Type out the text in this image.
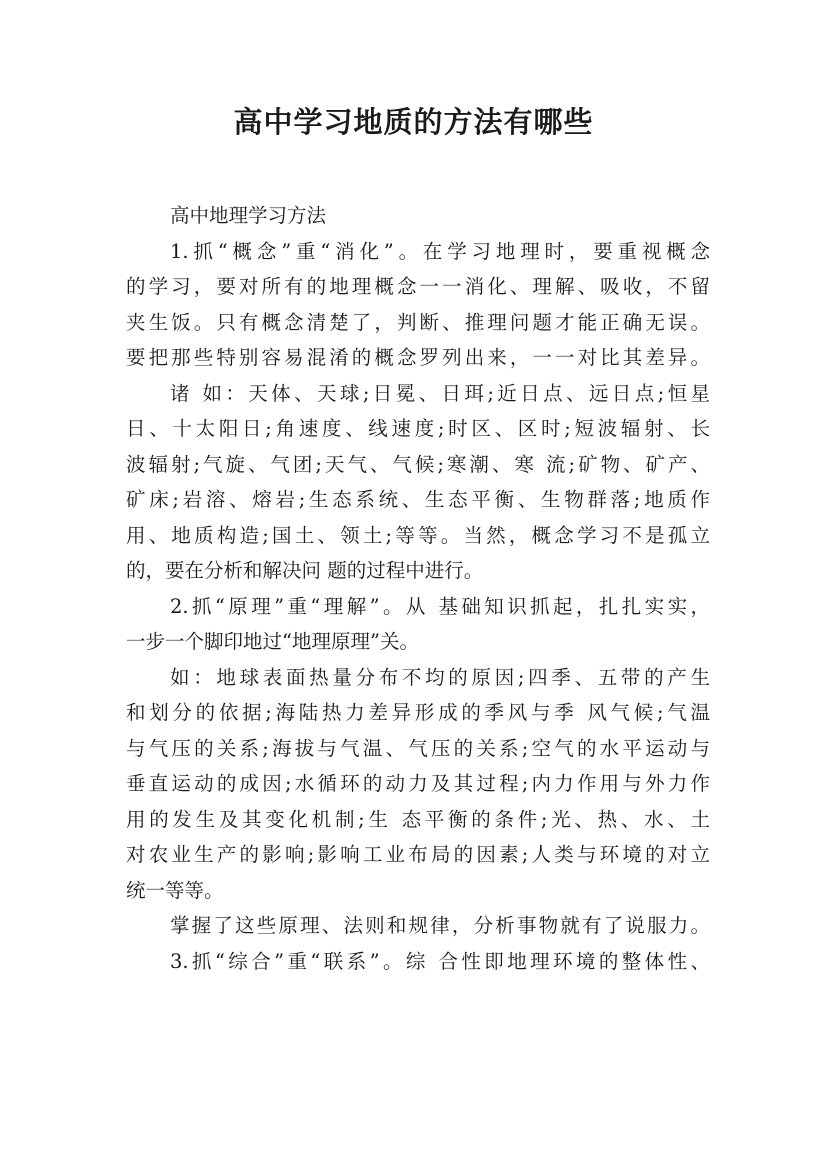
高中学习地质的方法有哪些

高中地理学习方法

1.抓“概念”重“消化”。在学习地理时，要重视概念

的学习，要对所有的地理概念一一消化、理解、吸收，不留

夹生饭。只有概念清楚了，判断、推理问题才能正确无误。

要把那些特别容易混淆的概念罗列出来，一一对比其差异。

诸 如：天体、天球;日冕、日珥;近日点、远日点;恒星

日、十太阳日;角速度、线速度;时区、区时;短波辐射、长

波辐射;气旋、气团;天气、气候;寒潮、寒 流;矿物、矿产、

矿床;岩溶、熔岩;生态系统、生态平衡、生物群落;地质作

用、地质构造;国土、领土;等等。当然，概念学习不是孤立

的，要在分析和解决问 题的过程中进行。

2.抓“原理”重“理解”。从 基础知识抓起，扎扎实实，

一步一个脚印地过“地理原理”关。

如：地球表面热量分布不均的原因;四季、五带的产生

和划分的依据;海陆热力差异形成的季风与季 风气候;气温

与气压的关系;海拔与气温、气压的关系;空气的水平运动与

垂直运动的成因;水循环的动力及其过程;内力作用与外力作

用的发生及其变化机制;生 态平衡的条件;光、热、水、土

对农业生产的影响;影响工业布局的因素;人类与环境的对立

统一等等。

掌握了这些原理、法则和规律，分析事物就有了说服力。

3.抓“综合”重“联系”。综 合性即地理环境的整体性、
